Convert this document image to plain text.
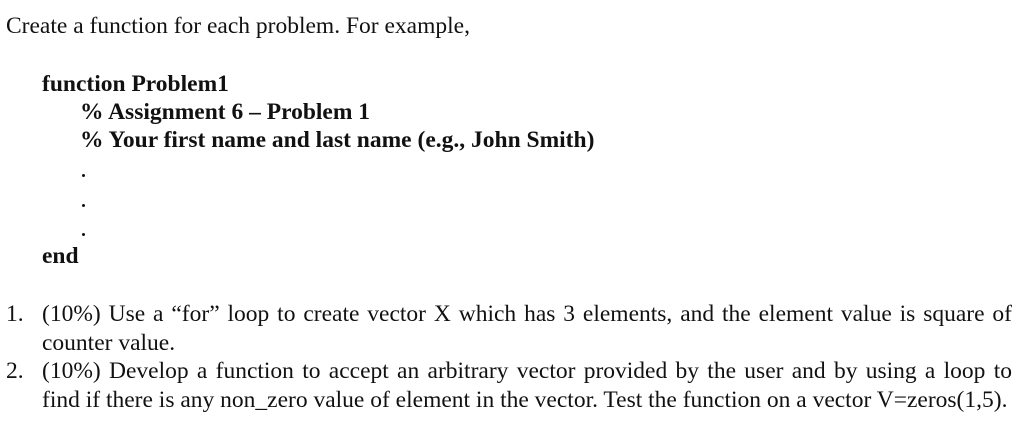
Create a function for each problem. For example,
function Problem1
% Assignment 6 – Problem 1
% Your first name and last name (e.g., John Smith)
end
1. (10%) Use a “for” loop to create vector X which has 3 elements, and the element value is square of counter value.
2. (10%) Develop a function to accept an arbitrary vector provided by the user and by using a loop to find if there is any non_zero value of element in the vector. Test the function on a vector V=zeros(1,5).
